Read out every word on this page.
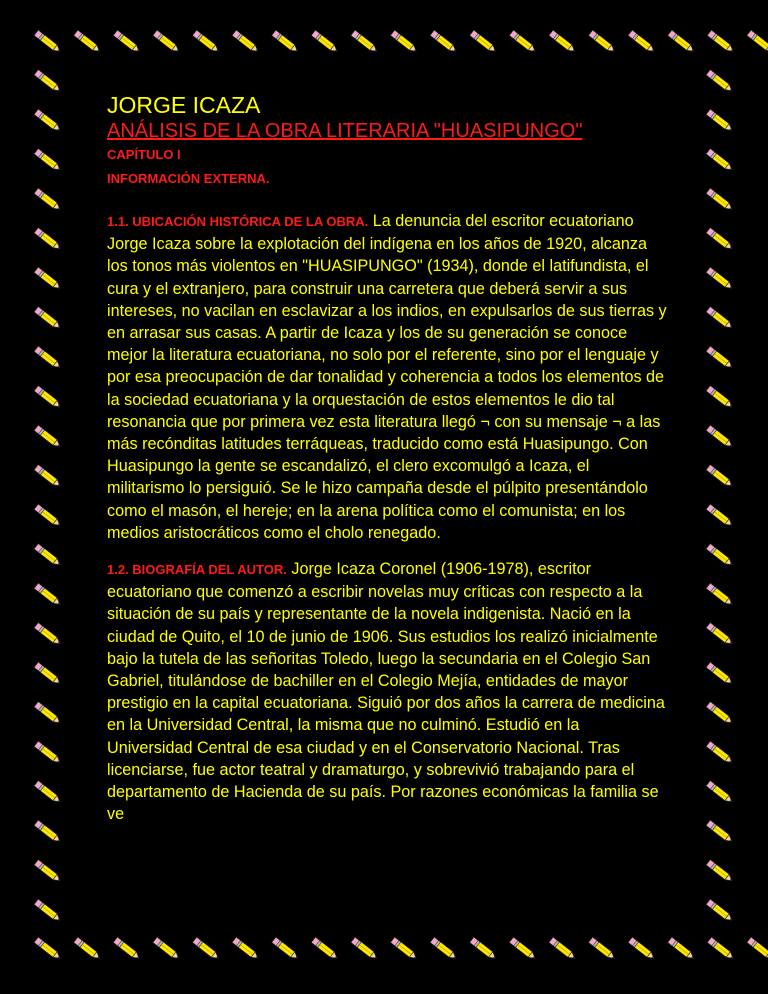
JORGE ICAZA
ANÁLISIS DE LA OBRA LITERARIA "HUASIPUNGO"
CAPÍTULO I
INFORMACIÓN EXTERNA.

1.1. UBICACIÓN HISTÓRICA DE LA OBRA. La denuncia del escritor ecuatoriano Jorge Icaza sobre la explotación del indígena en los años de 1920, alcanza los tonos más violentos en "HUASIPUNGO" (1934), donde el latifundista, el cura y el extranjero, para construir una carretera que deberá servir a sus intereses, no vacilan en esclavizar a los indios, en expulsarlos de sus tierras y en arrasar sus casas. A partir de Icaza y los de su generación se conoce mejor la literatura ecuatoriana, no solo por el referente, sino por el lenguaje y por esa preocupación de dar tonalidad y coherencia a todos los elementos de la sociedad ecuatoriana y la orquestación de estos elementos le dio tal resonancia que por primera vez esta literatura llegó ¬ con su mensaje ¬ a las más recónditas latitudes terráqueas, traducido como está Huasipungo. Con Huasipungo la gente se escandalizó, el clero excomulgó a Icaza, el militarismo lo persiguió. Se le hizo campaña desde el púlpito presentándolo como el masón, el hereje; en la arena política como el comunista; en los medios aristocráticos como el cholo renegado.

1.2. BIOGRAFÍA DEL AUTOR. Jorge Icaza Coronel (1906-1978), escritor ecuatoriano que comenzó a escribir novelas muy críticas con respecto a la situación de su país y representante de la novela indigenista. Nació en la ciudad de Quito, el 10 de junio de 1906. Sus estudios los realizó inicialmente bajo la tutela de las señoritas Toledo, luego la secundaria en el Colegio San Gabriel, titulándose de bachiller en el Colegio Mejía, entidades de mayor prestigio en la capital ecuatoriana. Siguió por dos años la carrera de medicina en la Universidad Central, la misma que no culminó. Estudió en la Universidad Central de esa ciudad y en el Conservatorio Nacional. Tras licenciarse, fue actor teatral y dramaturgo, y sobrevivió trabajando para el departamento de Hacienda de su país. Por razones económicas la familia se ve
